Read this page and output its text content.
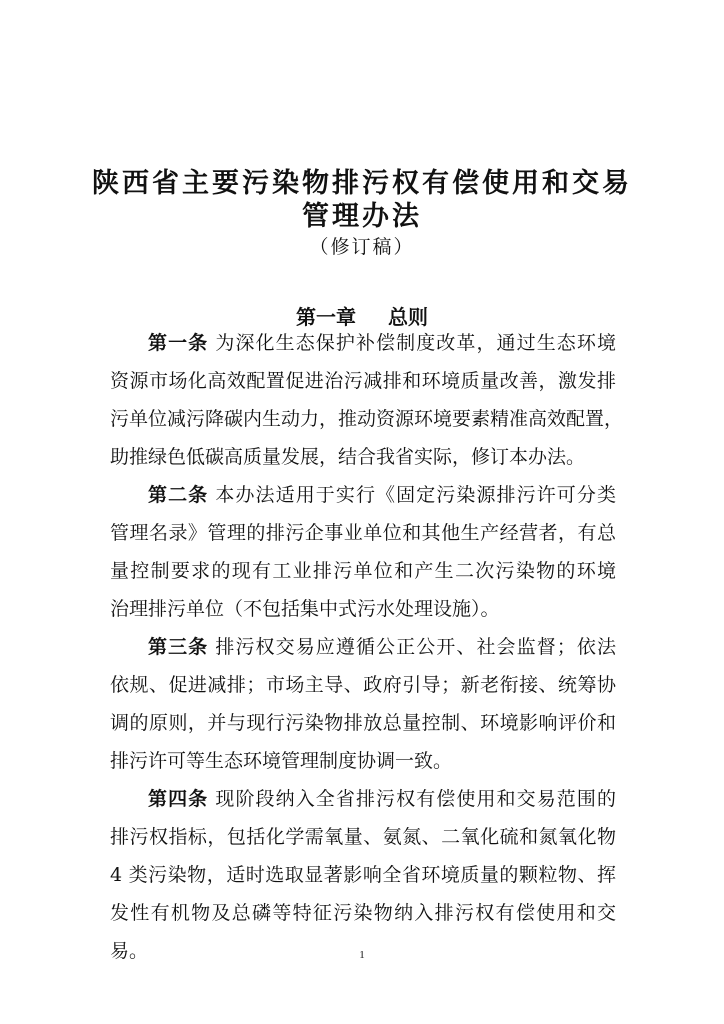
陕西省主要污染物排污权有偿使用和交易
管理办法
（修订稿）
第一章 总则
第一条 为深化生态保护补偿制度改革，通过生态环境
资源市场化高效配置促进治污减排和环境质量改善，激发排
污单位减污降碳内生动力，推动资源环境要素精准高效配置，
助推绿色低碳高质量发展，结合我省实际，修订本办法。
第二条 本办法适用于实行《固定污染源排污许可分类
管理名录》管理的排污企事业单位和其他生产经营者，有总
量控制要求的现有工业排污单位和产生二次污染物的环境
治理排污单位（不包括集中式污水处理设施）。
第三条 排污权交易应遵循公正公开、社会监督；依法
依规、促进减排；市场主导、政府引导；新老衔接、统筹协
调的原则，并与现行污染物排放总量控制、环境影响评价和
排污许可等生态环境管理制度协调一致。
第四条 现阶段纳入全省排污权有偿使用和交易范围的
排污权指标，包括化学需氧量、氨氮、二氧化硫和氮氧化物
4 类污染物，适时选取显著影响全省环境质量的颗粒物、挥
发性有机物及总磷等特征污染物纳入排污权有偿使用和交
易。	1
